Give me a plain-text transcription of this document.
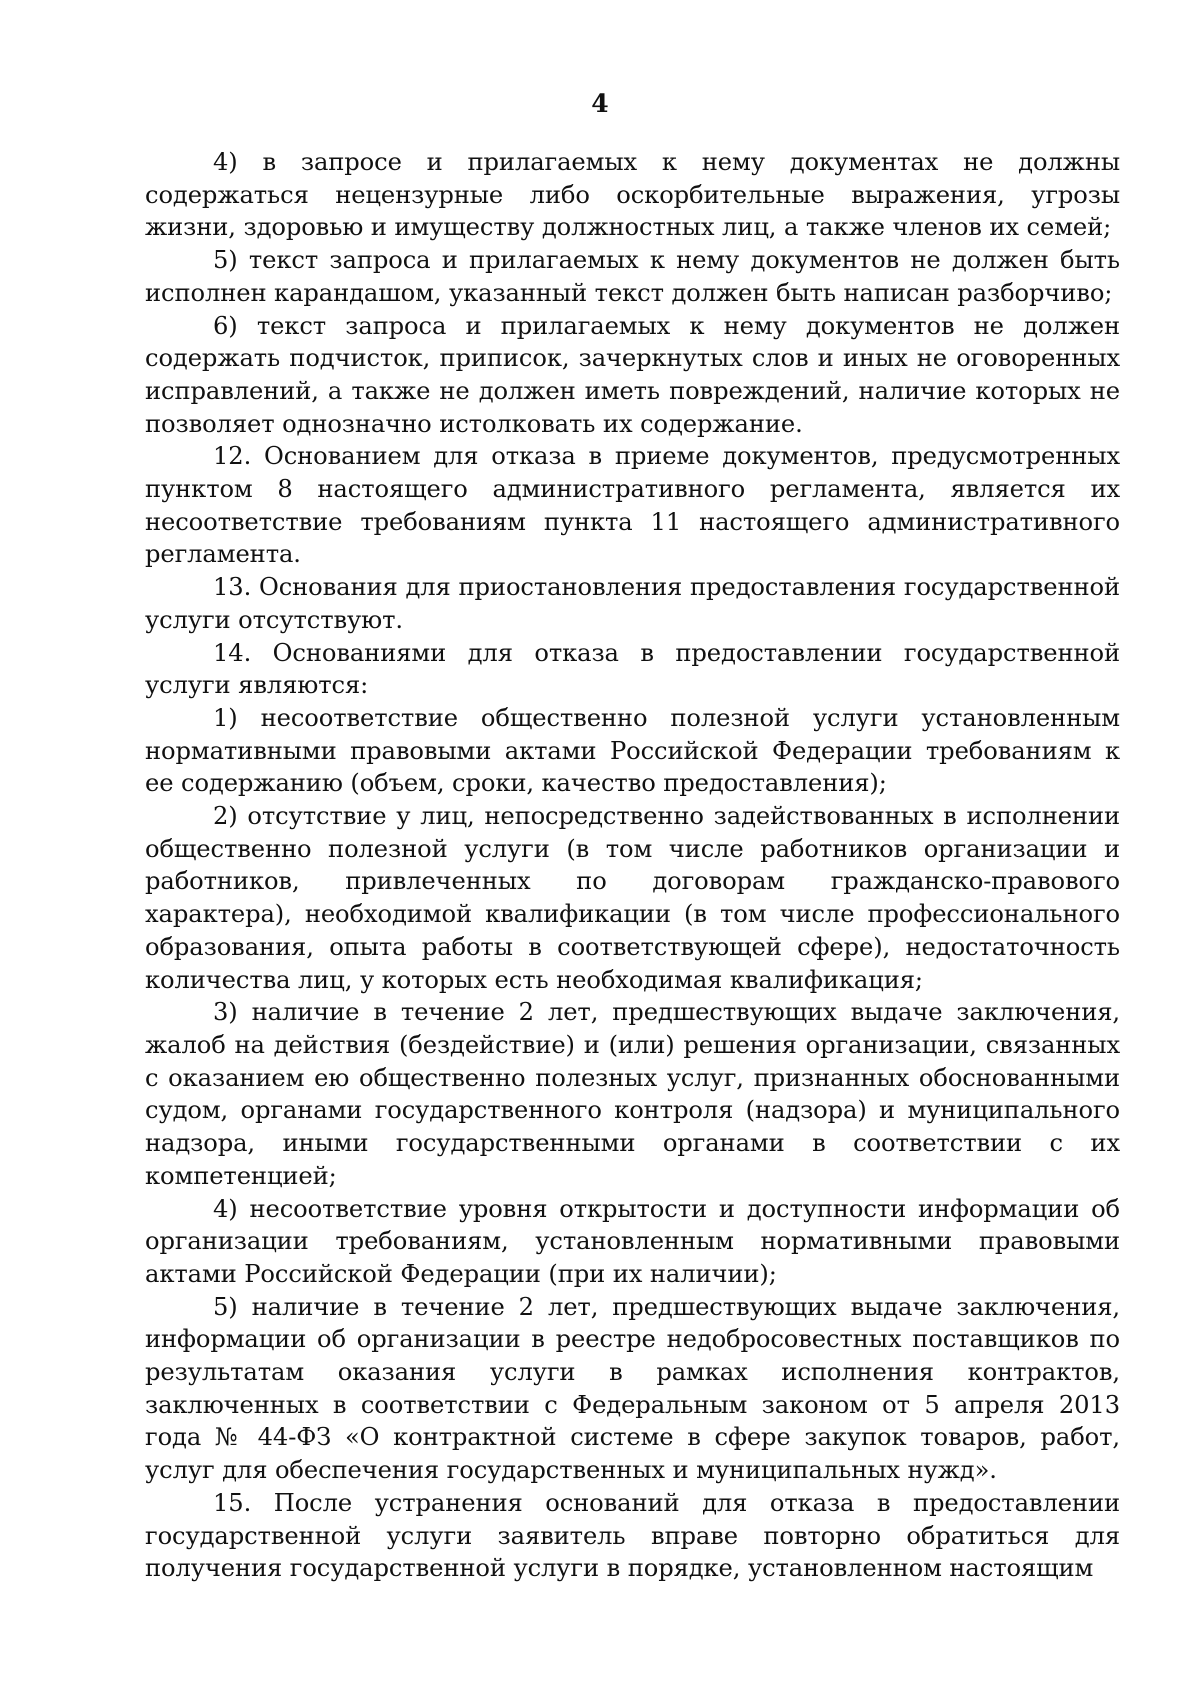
4

4) в запросе и прилагаемых к нему документах не должны содержаться нецензурные либо оскорбительные выражения, угрозы жизни, здоровью и имуществу должностных лиц, а также членов их семей;

5) текст запроса и прилагаемых к нему документов не должен быть исполнен карандашом, указанный текст должен быть написан разборчиво;

6) текст запроса и прилагаемых к нему документов не должен содержать подчисток, приписок, зачеркнутых слов и иных не оговоренных исправлений, а также не должен иметь повреждений, наличие которых не позволяет однозначно истолковать их содержание.

12. Основанием для отказа в приеме документов, предусмотренных пунктом 8 настоящего административного регламента, является их несоответствие требованиям пункта 11 настоящего административного регламента.

13. Основания для приостановления предоставления государственной услуги отсутствуют.

14. Основаниями для отказа в предоставлении государственной услуги являются:

1) несоответствие общественно полезной услуги установленным нормативными правовыми актами Российской Федерации требованиям к ее содержанию (объем, сроки, качество предоставления);

2) отсутствие у лиц, непосредственно задействованных в исполнении общественно полезной услуги (в том числе работников организации и работников, привлеченных по договорам гражданско-правового характера), необходимой квалификации (в том числе профессионального образования, опыта работы в соответствующей сфере), недостаточность количества лиц, у которых есть необходимая квалификация;

3) наличие в течение 2 лет, предшествующих выдаче заключения, жалоб на действия (бездействие) и (или) решения организации, связанных с оказанием ею общественно полезных услуг, признанных обоснованными судом, органами государственного контроля (надзора) и муниципального надзора, иными государственными органами в соответствии с их компетенцией;

4) несоответствие уровня открытости и доступности информации об организации требованиям, установленным нормативными правовыми актами Российской Федерации (при их наличии);

5) наличие в течение 2 лет, предшествующих выдаче заключения, информации об организации в реестре недобросовестных поставщиков по результатам оказания услуги в рамках исполнения контрактов, заключенных в соответствии с Федеральным законом от 5 апреля 2013 года № 44-ФЗ «О контрактной системе в сфере закупок товаров, работ, услуг для обеспечения государственных и муниципальных нужд».

15. После устранения оснований для отказа в предоставлении государственной услуги заявитель вправе повторно обратиться для получения государственной услуги в порядке, установленном настоящим
